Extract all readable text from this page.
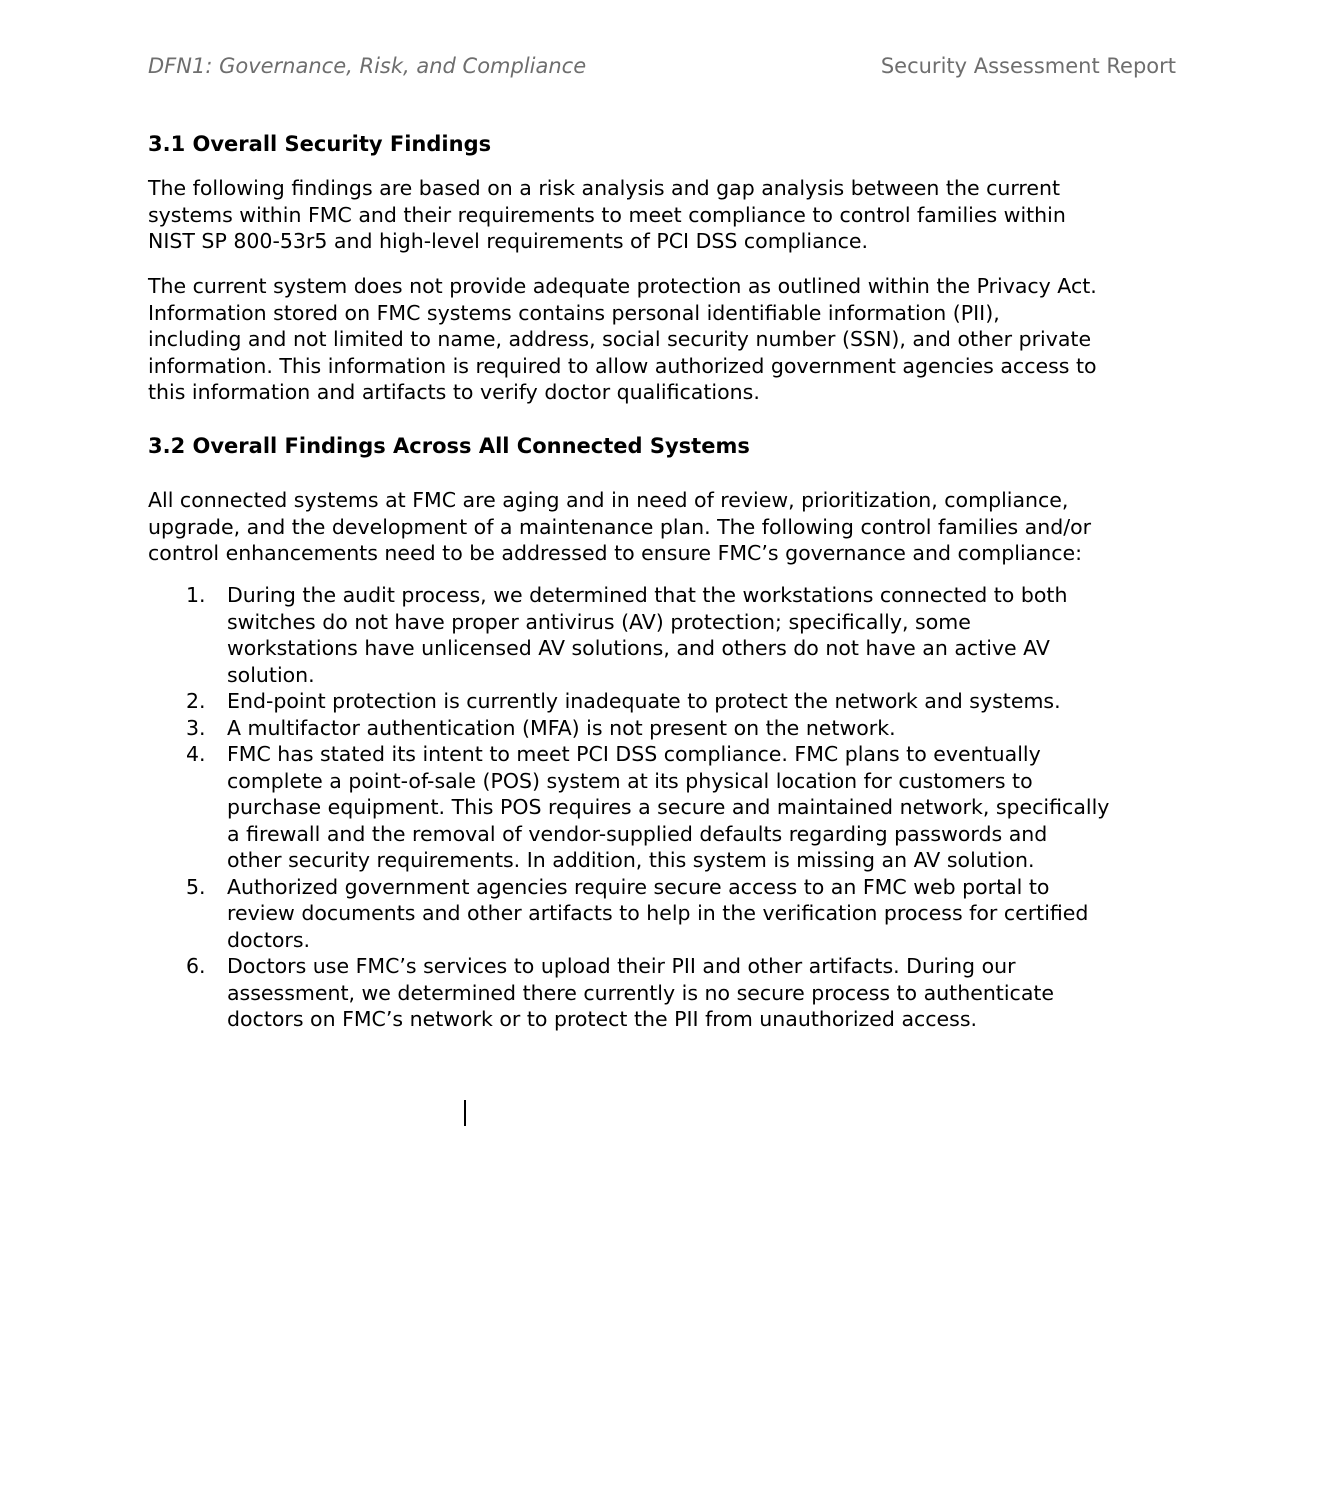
DFN1: Governance, Risk, and Compliance	Security Assessment Report
3.1 Overall Security Findings

The following findings are based on a risk analysis and gap analysis between the current
systems within FMC and their requirements to meet compliance to control families within
NIST SP 800-53r5 and high-level requirements of PCI DSS compliance.

The current system does not provide adequate protection as outlined within the Privacy Act.
Information stored on FMC systems contains personal identifiable information (PII),
including and not limited to name, address, social security number (SSN), and other private
information. This information is required to allow authorized government agencies access to
this information and artifacts to verify doctor qualifications.

3.2 Overall Findings Across All Connected Systems

All connected systems at FMC are aging and in need of review, prioritization, compliance,
upgrade, and the development of a maintenance plan. The following control families and/or
control enhancements need to be addressed to ensure FMC’s governance and compliance:

1. During the audit process, we determined that the workstations connected to both
switches do not have proper antivirus (AV) protection; specifically, some
workstations have unlicensed AV solutions, and others do not have an active AV
solution.
2. End-point protection is currently inadequate to protect the network and systems.
3. A multifactor authentication (MFA) is not present on the network.
4. FMC has stated its intent to meet PCI DSS compliance. FMC plans to eventually
complete a point-of-sale (POS) system at its physical location for customers to
purchase equipment. This POS requires a secure and maintained network, specifically
a firewall and the removal of vendor-supplied defaults regarding passwords and
other security requirements. In addition, this system is missing an AV solution.
5. Authorized government agencies require secure access to an FMC web portal to
review documents and other artifacts to help in the verification process for certified
doctors.
6. Doctors use FMC’s services to upload their PII and other artifacts. During our
assessment, we determined there currently is no secure process to authenticate
doctors on FMC’s network or to protect the PII from unauthorized access.
